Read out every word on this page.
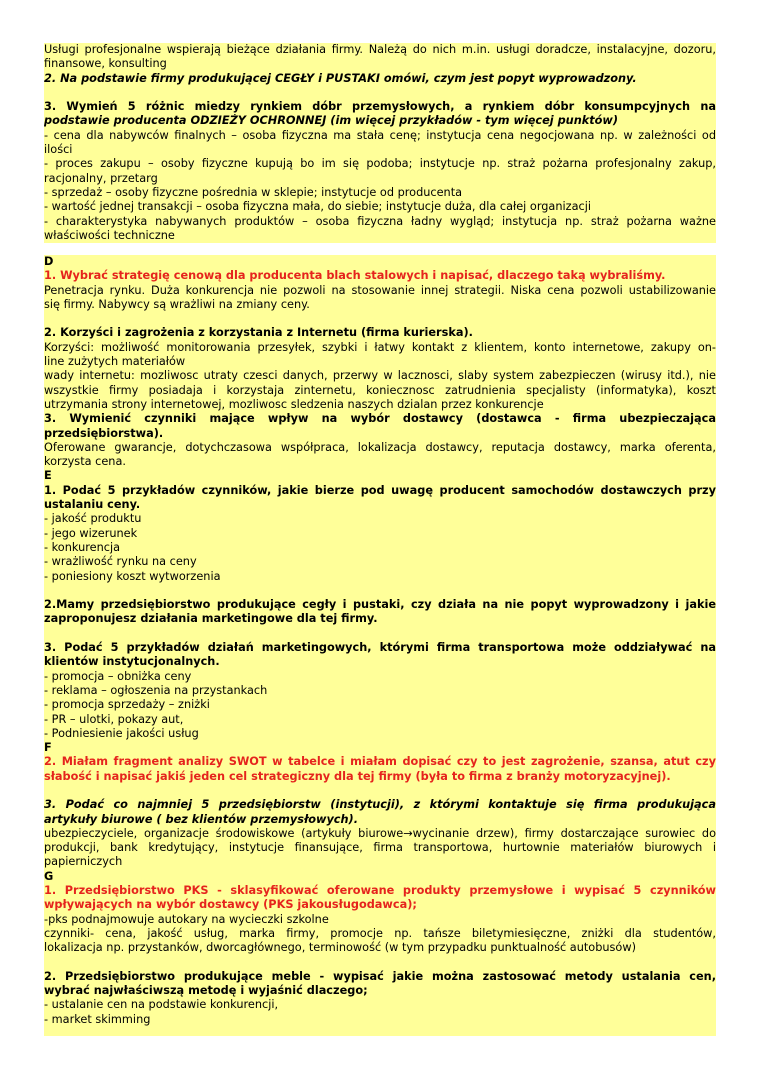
Usługi profesjonalne wspierają bieżące działania firmy. Należą do nich m.in. usługi doradcze, instalacyjne, dozoru,

finansowe, konsulting

2. Na podstawie firmy produkującej CEGŁY i PUSTAKI omówi, czym jest popyt wyprowadzony.

3. Wymień 5 różnic miedzy rynkiem dóbr przemysłowych, a rynkiem dóbr konsumpcyjnych na

podstawie producenta ODZIEŻY OCHRONNEJ (im więcej przykładów - tym więcej punktów)

- cena dla nabywców finalnych – osoba fizyczna ma stała cenę; instytucja cena negocjowana np. w zależności od

ilości

- proces zakupu – osoby fizyczne kupują bo im się podoba; instytucje np. straż pożarna profesjonalny zakup,

racjonalny, przetarg

- sprzedaż – osoby fizyczne pośrednia w sklepie; instytucje od producenta

- wartość jednej transakcji – osoba fizyczna mała, do siebie; instytucje duża, dla całej organizacji

- charakterystyka nabywanych produktów – osoba fizyczna ładny wygląd; instytucja np. straż pożarna ważne

właściwości techniczne

D

1. Wybrać strategię cenową dla producenta blach stalowych i napisać, dlaczego taką wybraliśmy.

Penetracja rynku. Duża konkurencja nie pozwoli na stosowanie innej strategii. Niska cena pozwoli ustabilizowanie

się firmy. Nabywcy są wrażliwi na zmiany ceny.

2. Korzyści i zagrożenia z korzystania z Internetu (firma kurierska).

Korzyści: możliwość monitorowania przesyłek, szybki i łatwy kontakt z klientem, konto internetowe, zakupy on-

line zużytych materiałów

wady internetu: mozliwosc utraty czesci danych, przerwy w lacznosci, slaby system zabezpieczen (wirusy itd.), nie

wszystkie firmy posiadaja i korzystaja zinternetu, koniecznosc zatrudnienia specjalisty (informatyka), koszt

utrzymania strony internetowej, mozliwosc sledzenia naszych dzialan przez konkurencje

3. Wymienić czynniki mające wpływ na wybór dostawcy (dostawca - firma ubezpieczająca

przedsiębiorstwa).

Oferowane gwarancje, dotychczasowa współpraca, lokalizacja dostawcy, reputacja dostawcy, marka oferenta,

korzysta cena.

E

1. Podać 5 przykładów czynników, jakie bierze pod uwagę producent samochodów dostawczych przy

ustalaniu ceny.

- jakość produktu

- jego wizerunek

- konkurencja

- wrażliwość rynku na ceny

- poniesiony koszt wytworzenia

2.Mamy przedsiębiorstwo produkujące cegły i pustaki, czy działa na nie popyt wyprowadzony i jakie

zaproponujesz działania marketingowe dla tej firmy.

3. Podać 5 przykładów działań marketingowych, którymi firma transportowa może oddziaływać na

klientów instytucjonalnych.

- promocja – obniżka ceny

- reklama – ogłoszenia na przystankach

- promocja sprzedaży – zniżki

- PR – ulotki, pokazy aut,

- Podniesienie jakości usług

F

2. Miałam fragment analizy SWOT w tabelce i miałam dopisać czy to jest zagrożenie, szansa, atut czy

słabość i napisać jakiś jeden cel strategiczny dla tej firmy (była to firma z branży motoryzacyjnej).

3. Podać co najmniej 5 przedsiębiorstw (instytucji), z którymi kontaktuje się firma produkująca

artykuły biurowe ( bez klientów przemysłowych).

ubezpieczyciele, organizacje środowiskowe (artykuły biurowe→wycinanie drzew), firmy dostarczające surowiec do

produkcji, bank kredytujący, instytucje finansujące, firma transportowa, hurtownie materiałów biurowych i

papierniczych

G

1. Przedsiębiorstwo PKS - sklasyfikować oferowane produkty przemysłowe i wypisać 5 czynników

wpływających na wybór dostawcy (PKS jakousługodawca);

-pks podnajmowuje autokary na wycieczki szkolne

czynniki- cena, jakość usług, marka firmy, promocje np. tańsze biletymiesięczne, zniżki dla studentów,

lokalizacja np. przystanków, dworcagłównego, terminowość (w tym przypadku punktualność autobusów)

2. Przedsiębiorstwo produkujące meble - wypisać jakie można zastosować metody ustalania cen,

wybrać najwłaściwszą metodę i wyjaśnić dlaczego;

- ustalanie cen na podstawie konkurencji,

- market skimming
